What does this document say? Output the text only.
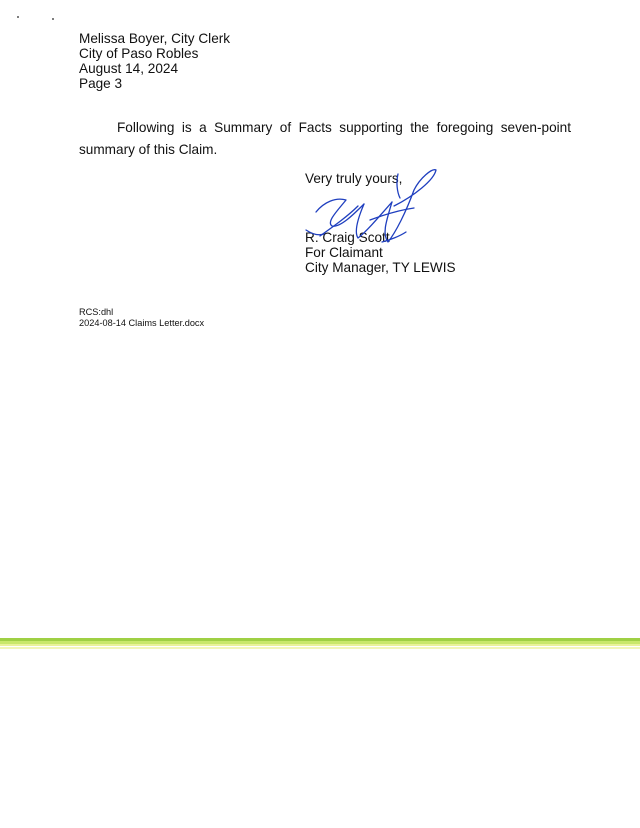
Melissa Boyer, City Clerk
City of Paso Robles
August 14, 2024
Page 3
Following is a Summary of Facts supporting the foregoing seven-point summary of this Claim.
Very truly yours,
R. Craig Scott
For Claimant
City Manager, TY LEWIS
RCS:dhl
2024-08-14 Claims Letter.docx
